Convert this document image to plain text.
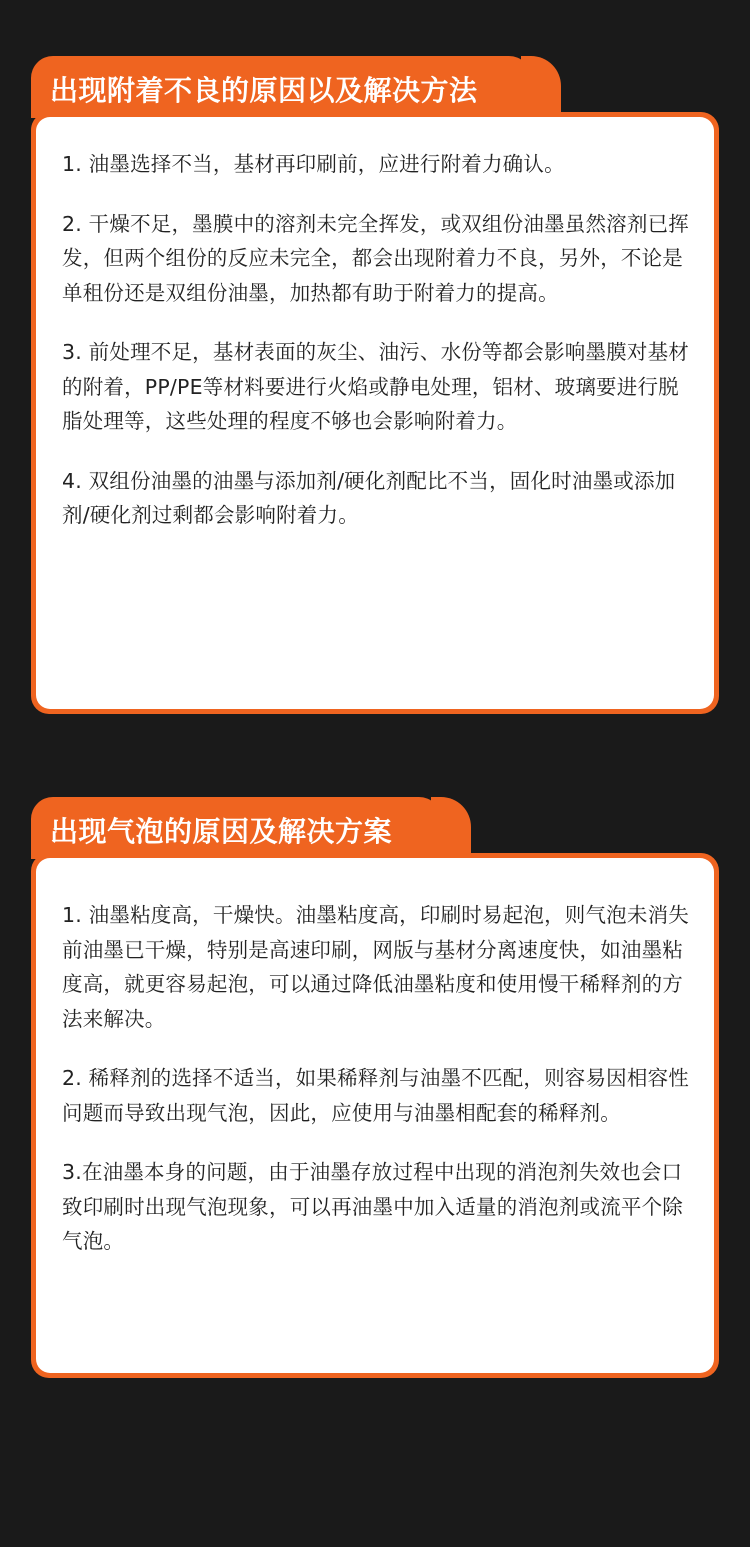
出现附着不良的原因以及解决方法

1. 油墨选择不当，基材再印刷前，应进行附着力确认。

2. 干燥不足，墨膜中的溶剂未完全挥发，或双组份油墨虽然溶剂已挥发，但两个组份的反应未完全，都会出现附着力不良，另外，不论是单租份还是双组份油墨，加热都有助于附着力的提高。

3. 前处理不足，基材表面的灰尘、油污、水份等都会影响墨膜对基材的附着，PP/PE等材料要进行火焰或静电处理，铝材、玻璃要进行脱脂处理等，这些处理的程度不够也会影响附着力。

4. 双组份油墨的油墨与添加剂/硬化剂配比不当，固化时油墨或添加剂/硬化剂过剩都会影响附着力。

出现气泡的原因及解决方案

1. 油墨粘度高，干燥快。油墨粘度高，印刷时易起泡，则气泡未消失前油墨已干燥，特别是高速印刷，网版与基材分离速度快，如油墨粘度高，就更容易起泡，可以通过降低油墨粘度和使用慢干稀释剂的方法来解决。

2. 稀释剂的选择不适当，如果稀释剂与油墨不匹配，则容易因相容性问题而导致出现气泡，因此，应使用与油墨相配套的稀释剂。

3.在油墨本身的问题，由于油墨存放过程中出现的消泡剂失效也会口致印刷时出现气泡现象，可以再油墨中加入适量的消泡剂或流平个除气泡。
